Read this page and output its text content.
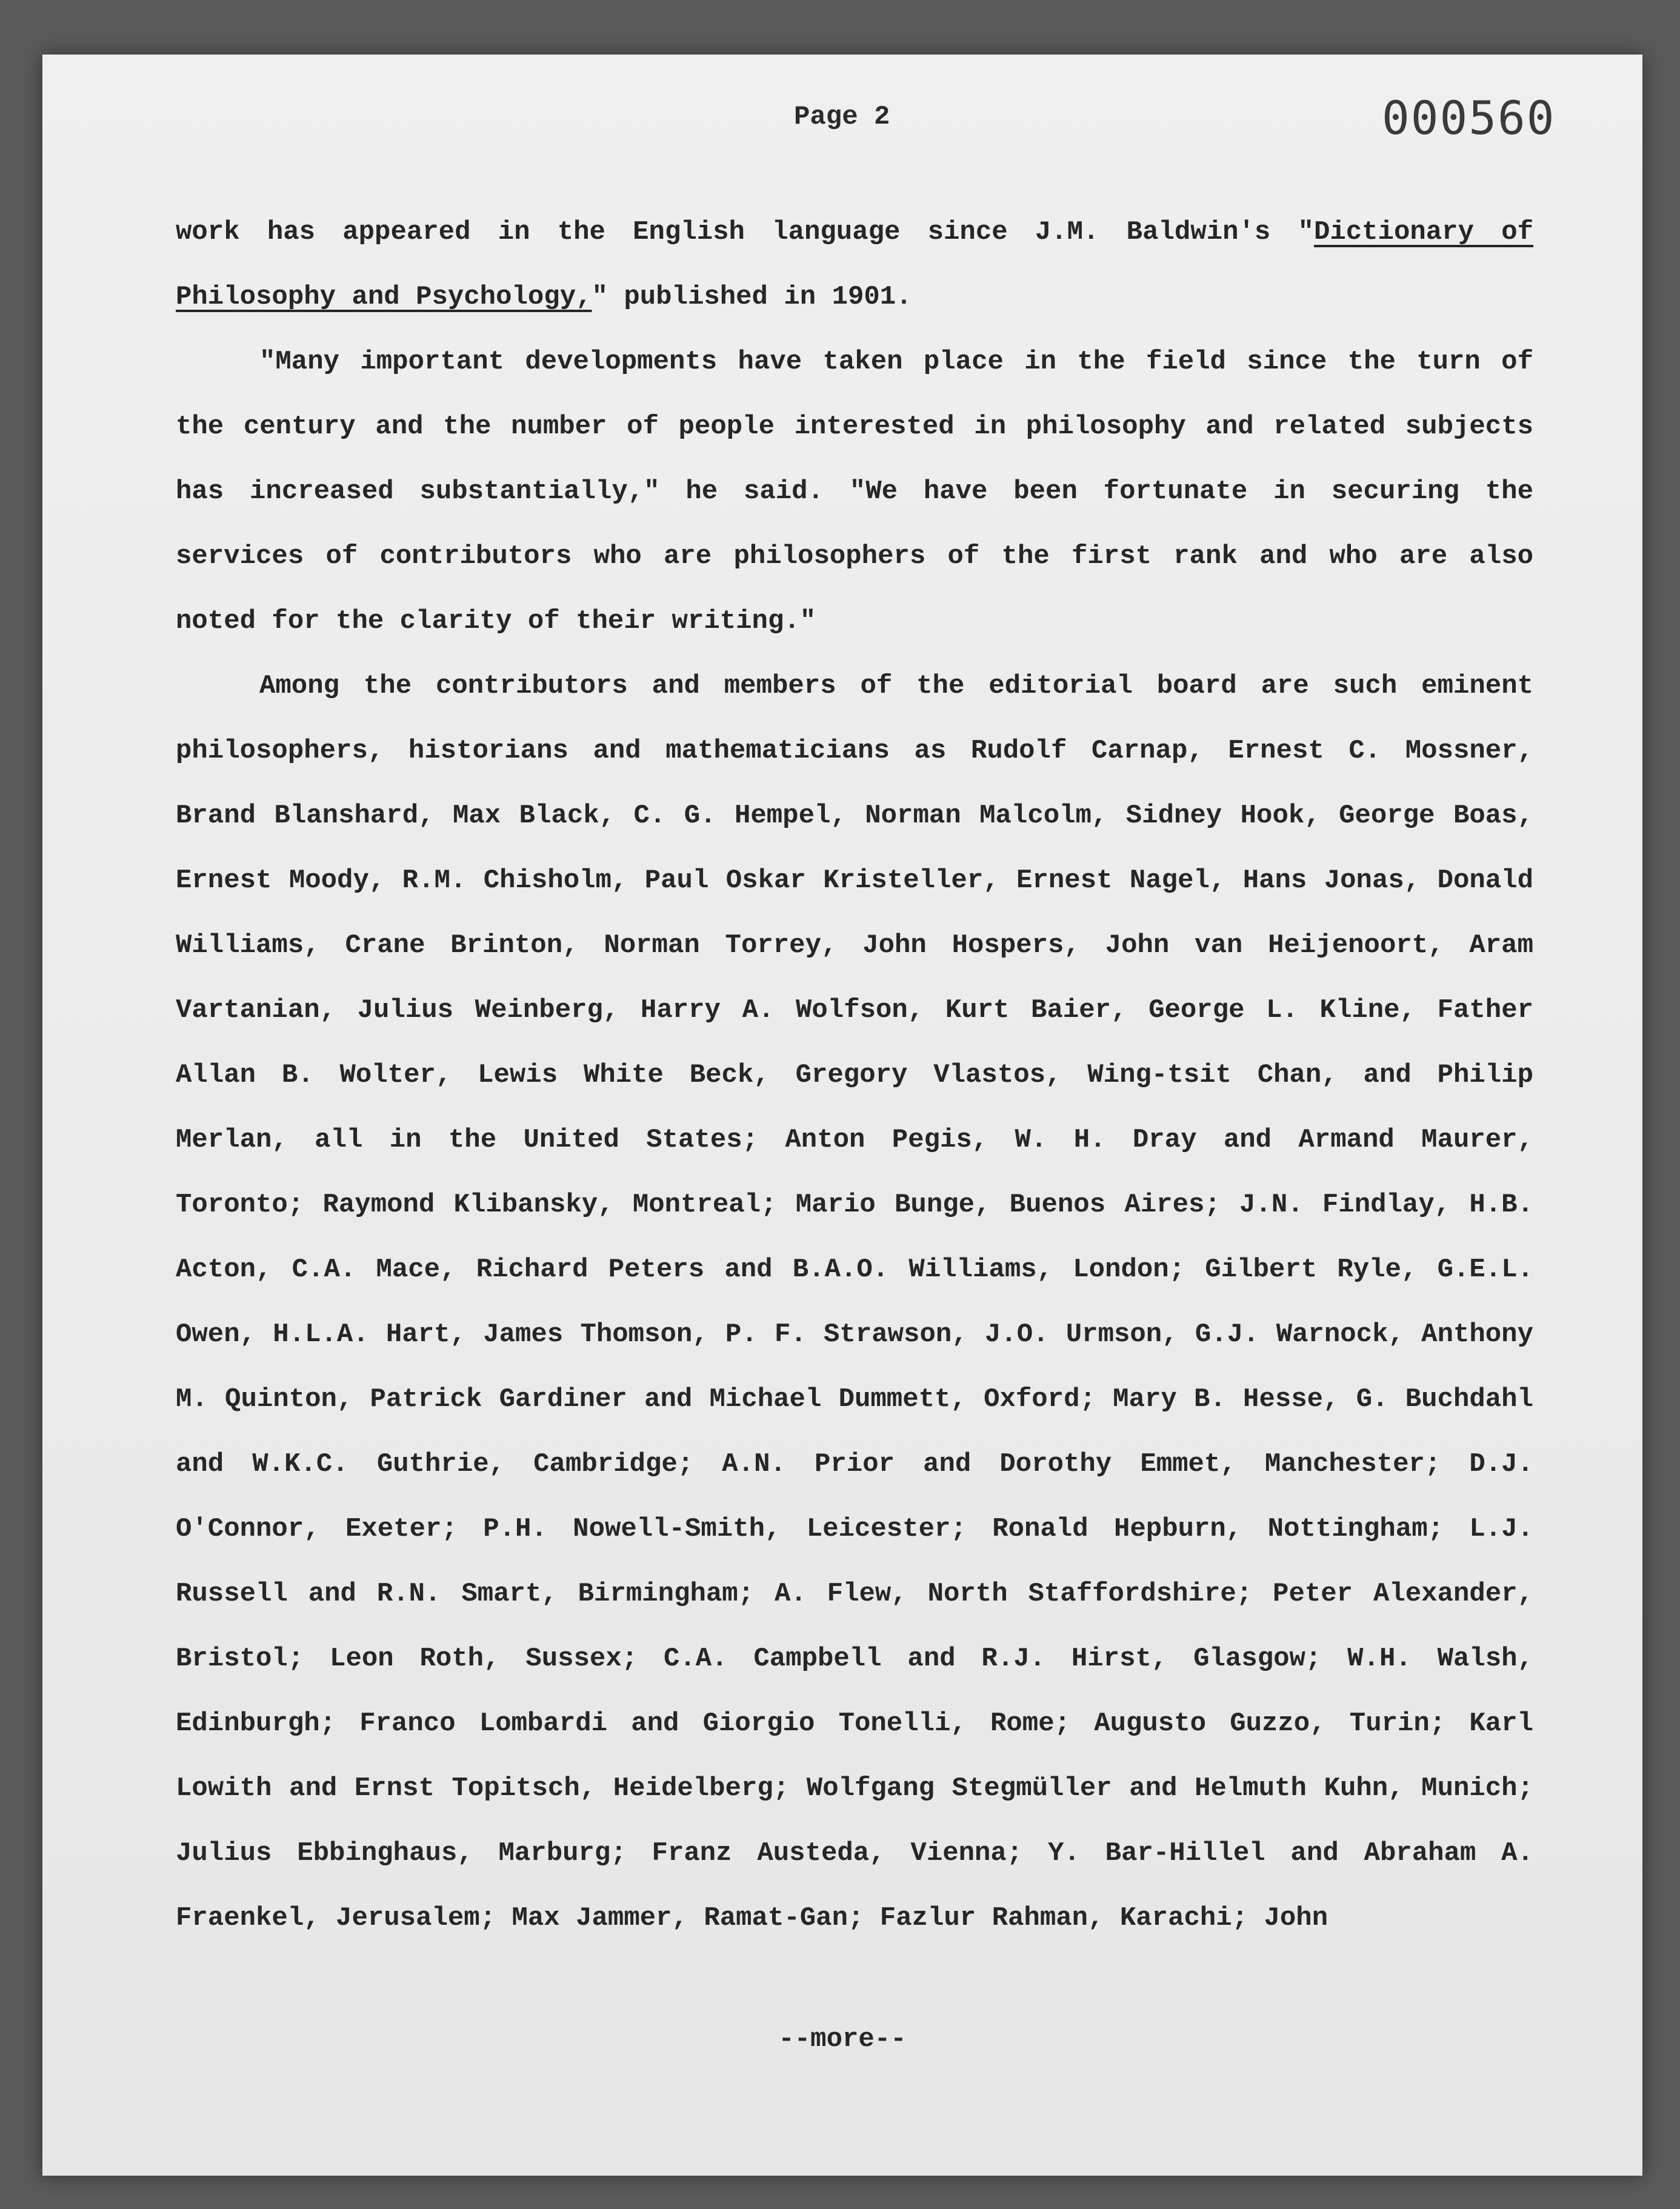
Page 2	000560

work has appeared in the English language since J.M. Baldwin's "Dictionary of Philosophy and Psychology," published in 1901.

"Many important developments have taken place in the field since the turn of the century and the number of people interested in philosophy and related subjects has increased substantially," he said. "We have been fortunate in securing the services of contributors who are philosophers of the first rank and who are also noted for the clarity of their writing."

Among the contributors and members of the editorial board are such eminent philosophers, historians and mathematicians as Rudolf Carnap, Ernest C. Mossner, Brand Blanshard, Max Black, C. G. Hempel, Norman Malcolm, Sidney Hook, George Boas, Ernest Moody, R.M. Chisholm, Paul Oskar Kristeller, Ernest Nagel, Hans Jonas, Donald Williams, Crane Brinton, Norman Torrey, John Hospers, John van Heijenoort, Aram Vartanian, Julius Weinberg, Harry A. Wolfson, Kurt Baier, George L. Kline, Father Allan B. Wolter, Lewis White Beck, Gregory Vlastos, Wing-tsit Chan, and Philip Merlan, all in the United States; Anton Pegis, W. H. Dray and Armand Maurer, Toronto; Raymond Klibansky, Montreal; Mario Bunge, Buenos Aires; J.N. Findlay, H.B. Acton, C.A. Mace, Richard Peters and B.A.O. Williams, London; Gilbert Ryle, G.E.L. Owen, H.L.A. Hart, James Thomson, P. F. Strawson, J.O. Urmson, G.J. Warnock, Anthony M. Quinton, Patrick Gardiner and Michael Dummett, Oxford; Mary B. Hesse, G. Buchdahl and W.K.C. Guthrie, Cambridge; A.N. Prior and Dorothy Emmet, Manchester; D.J. O'Connor, Exeter; P.H. Nowell-Smith, Leicester; Ronald Hepburn, Nottingham; L.J. Russell and R.N. Smart, Birmingham; A. Flew, North Staffordshire; Peter Alexander, Bristol; Leon Roth, Sussex; C.A. Campbell and R.J. Hirst, Glasgow; W.H. Walsh, Edinburgh; Franco Lombardi and Giorgio Tonelli, Rome; Augusto Guzzo, Turin; Karl Lowith and Ernst Topitsch, Heidelberg; Wolfgang Stegmüller and Helmuth Kuhn, Munich; Julius Ebbinghaus, Marburg; Franz Austeda, Vienna; Y. Bar-Hillel and Abraham A. Fraenkel, Jerusalem; Max Jammer, Ramat-Gan; Fazlur Rahman, Karachi; John

--more--
